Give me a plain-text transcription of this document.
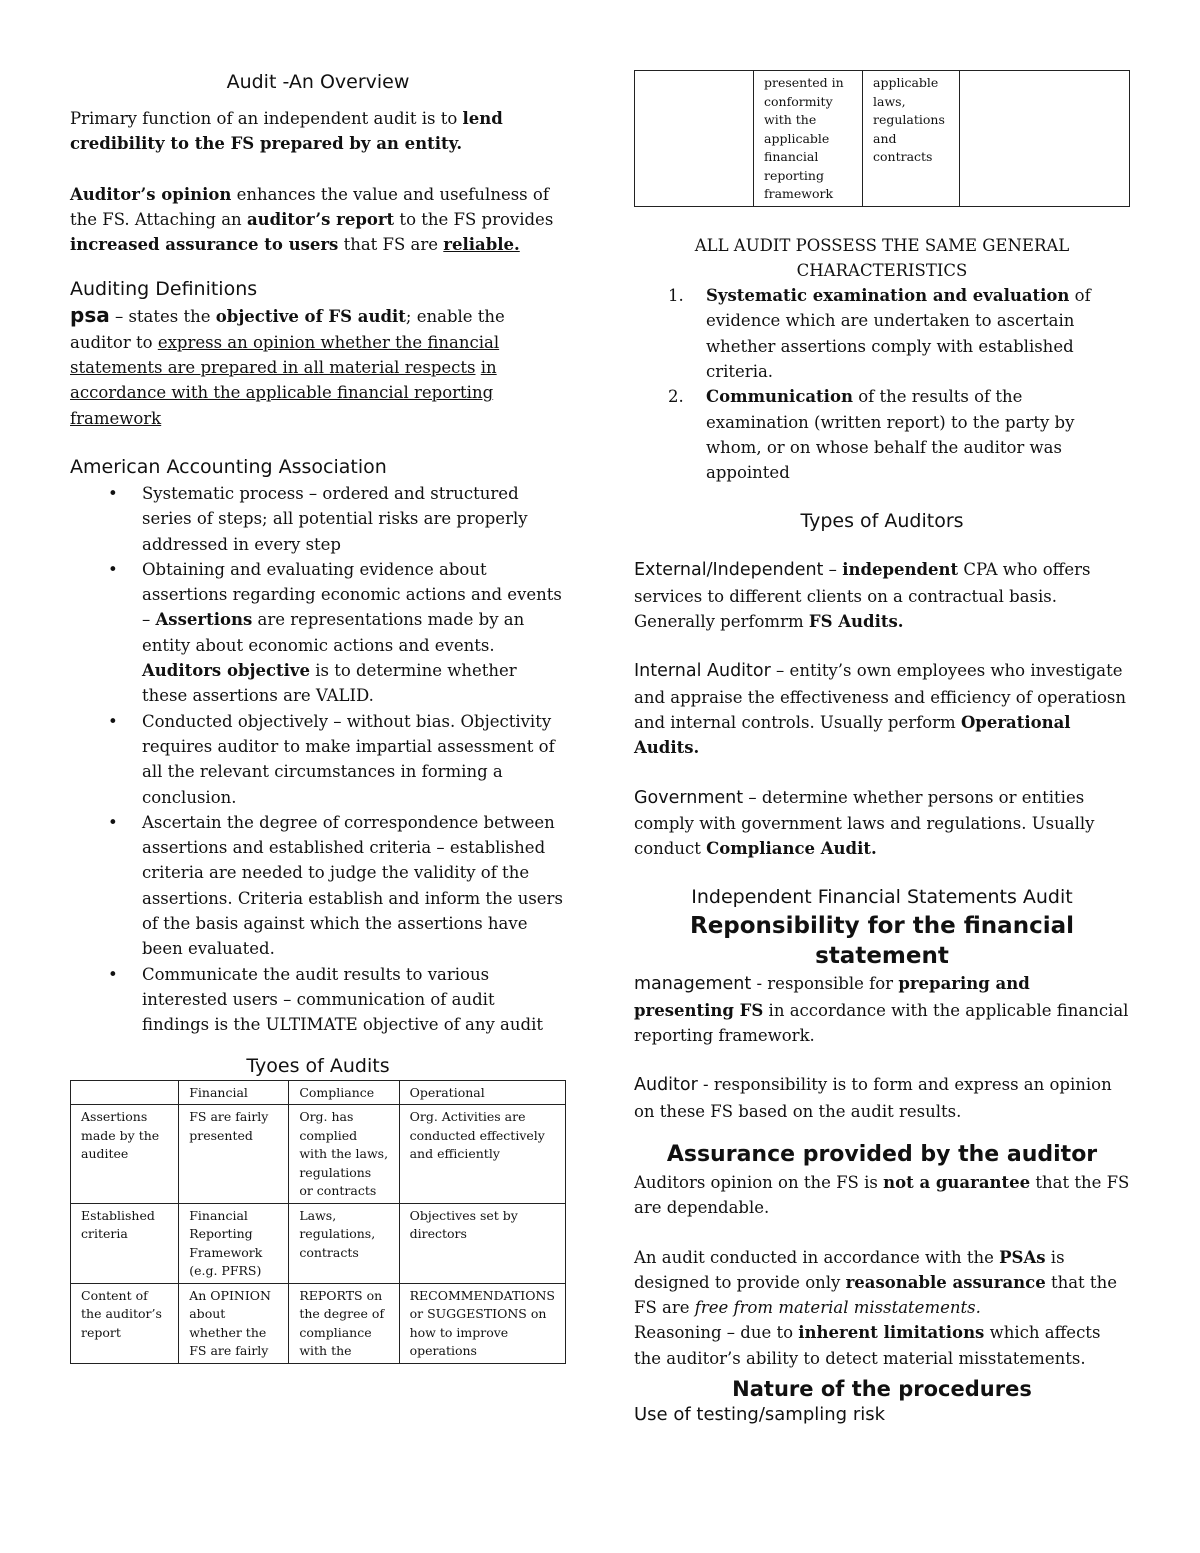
Audit -An Overview

Primary function of an independent audit is to lend credibility to the FS prepared by an entity.

Auditor’s opinion enhances the value and usefulness of the FS. Attaching an auditor’s report to the FS provides increased assurance to users that FS are reliable.

Auditing Definitions

psa – states the objective of FS audit; enable the auditor to express an opinion whether the financial statements are prepared in all material respects in accordance with the applicable financial reporting framework

American Accounting Association
• Systematic process – ordered and structured series of steps; all potential risks are properly addressed in every step
• Obtaining and evaluating evidence about assertions regarding economic actions and events – Assertions are representations made by an entity about economic actions and events. Auditors objective is to determine whether these assertions are VALID.
• Conducted objectively – without bias. Objectivity requires auditor to make impartial assessment of all the relevant circumstances in forming a conclusion.
• Ascertain the degree of correspondence between assertions and established criteria – established criteria are needed to judge the validity of the assertions. Criteria establish and inform the users of the basis against which the assertions have been evaluated.
• Communicate the audit results to various interested users – communication of audit findings is the ULTIMATE objective of any audit
Tyoes of Audits
	Financial	Compliance	Operational
Assertions made by the auditee	FS are fairly presented	Org. has complied with the laws, regulations or contracts	Org. Activities are conducted effectively and efficiently
Established criteria	Financial Reporting Framework (e.g. PFRS)	Laws, regulations, contracts	Objectives set by directors
Content of the auditor’s report	An OPINION about whether the FS are fairly	REPORTS on the degree of compliance with the	RECOMMENDATIONS or SUGGESTIONS on how to improve operations
	presented in conformity with the applicable financial reporting framework	applicable laws, regulations and contracts	

ALL AUDIT POSSESS THE SAME GENERAL CHARACTERISTICS

1. Systematic examination and evaluation of evidence which are undertaken to ascertain whether assertions comply with established criteria.
2. Communication of the results of the examination (written report) to the party by whom, or on whose behalf the auditor was appointed
Types of Auditors

External/Independent – independent CPA who offers services to different clients on a contractual basis. Generally perfomrm FS Audits.

Internal Auditor – entity’s own employees who investigate and appraise the effectiveness and efficiency of operatiosn and internal controls. Usually perform Operational Audits.

Government – determine whether persons or entities comply with government laws and regulations. Usually conduct Compliance Audit.

Independent Financial Statements Audit
Reponsibility for the financial statement

management - responsible for preparing and presenting FS in accordance with the applicable financial reporting framework.

Auditor - responsibility is to form and express an opinion on these FS based on the audit results.

Assurance provided by the auditor

Auditors opinion on the FS is not a guarantee that the FS are dependable.

An audit conducted in accordance with the PSAs is designed to provide only reasonable assurance that the FS are free from material misstatements.
Reasoning – due to inherent limitations which affects the auditor’s ability to detect material misstatements.

Nature of the procedures

Use of testing/sampling risk
